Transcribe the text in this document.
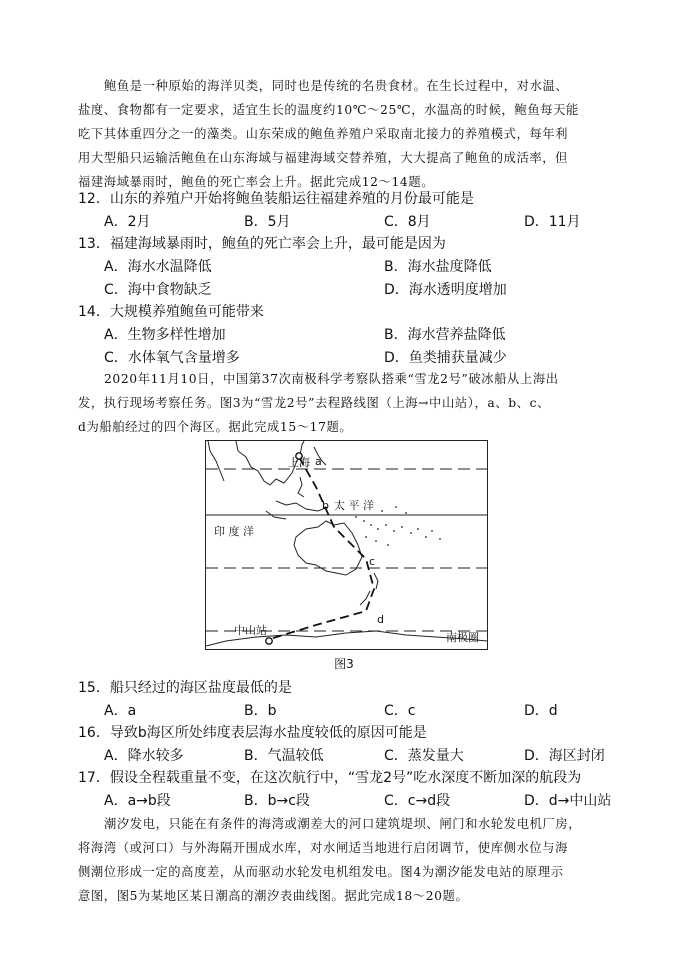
鲍鱼是一种原始的海洋贝类，同时也是传统的名贵食材。在生长过程中，对水温、
盐度、食物都有一定要求，适宜生长的温度约10℃～25℃，水温高的时候，鲍鱼每天能
吃下其体重四分之一的藻类。山东荣成的鲍鱼养殖户采取南北接力的养殖模式，每年利
用大型船只运输活鲍鱼在山东海域与福建海域交替养殖，大大提高了鲍鱼的成活率，但
福建海域暴雨时，鲍鱼的死亡率会上升。据此完成12～14题。
12．山东的养殖户开始将鲍鱼装船运往福建养殖的月份最可能是
A．2月	B．5月	C．8月	D．11月
13．福建海域暴雨时，鲍鱼的死亡率会上升，最可能是因为
A．海水水温降低	B．海水盐度降低
C．海中食物缺乏	D．海水透明度增加
14．大规模养殖鲍鱼可能带来
A．生物多样性增加	B．海水营养盐降低
C．水体氧气含量增多	D．鱼类捕获量减少
2020年11月10日，中国第37次南极科学考察队搭乘“雪龙2号”破冰船从上海出
发，执行现场考察任务。图3为“雪龙2号”去程路线图（上海→中山站），a、b、c、
d为船舶经过的四个海区。据此完成15～17题。
上海 a
b 太 平 洋
印 度 洋
c
d
中山站
南极圈
图3
15．船只经过的海区盐度最低的是
A．a	B．b	C．c	D．d
16．导致b海区所处纬度表层海水盐度较低的原因可能是
A．降水较多	B．气温较低	C．蒸发量大	D．海区封闭
17．假设全程载重量不变，在这次航行中，“雪龙2号”吃水深度不断加深的航段为
A．a→b段	B．b→c段	C．c→d段	D．d→中山站
潮汐发电，只能在有条件的海湾或潮差大的河口建筑堤坝、闸门和水轮发电机厂房，
将海湾（或河口）与外海隔开围成水库，对水闸适当地进行启闭调节，使库侧水位与海
侧潮位形成一定的高度差，从而驱动水轮发电机组发电。图4为潮汐能发电站的原理示
意图，图5为某地区某日潮高的潮汐表曲线图。据此完成18～20题。
